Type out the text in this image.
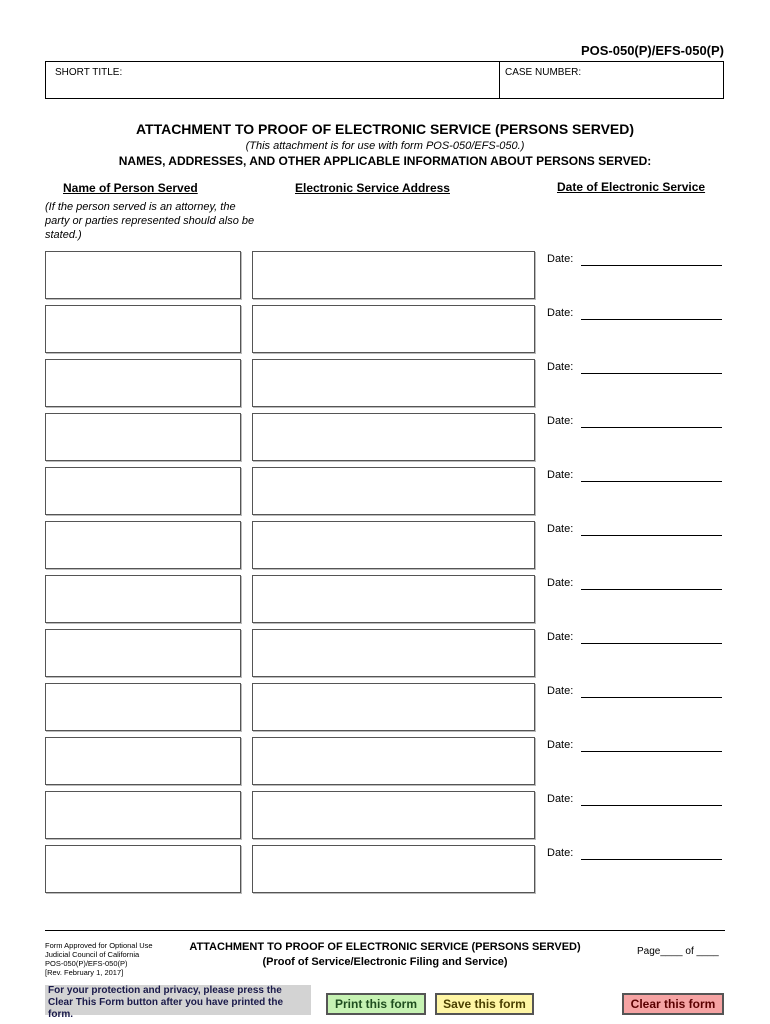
POS-050(P)/EFS-050(P)
SHORT TITLE:	CASE NUMBER:
ATTACHMENT TO PROOF OF ELECTRONIC SERVICE (PERSONS SERVED)
(This attachment is for use with form POS-050/EFS-050.)
NAMES, ADDRESSES, AND OTHER APPLICABLE INFORMATION ABOUT PERSONS SERVED:
Name of Person Served	Electronic Service Address	Date of Electronic Service
(If the person served is an attorney, the party or parties represented should also be stated.)
Date:
Date:
Date:
Date:
Date:
Date:
Date:
Date:
Date:
Date:
Date:
Date:
Form Approved for Optional Use
Judicial Council of California
POS-050(P)/EFS-050(P)
[Rev. February 1, 2017]
ATTACHMENT TO PROOF OF ELECTRONIC SERVICE (PERSONS SERVED)
(Proof of Service/Electronic Filing and Service)
Page____ of ____
For your protection and privacy, please press the Clear This Form button after you have printed the form.
Print this form	Save this form	Clear this form
